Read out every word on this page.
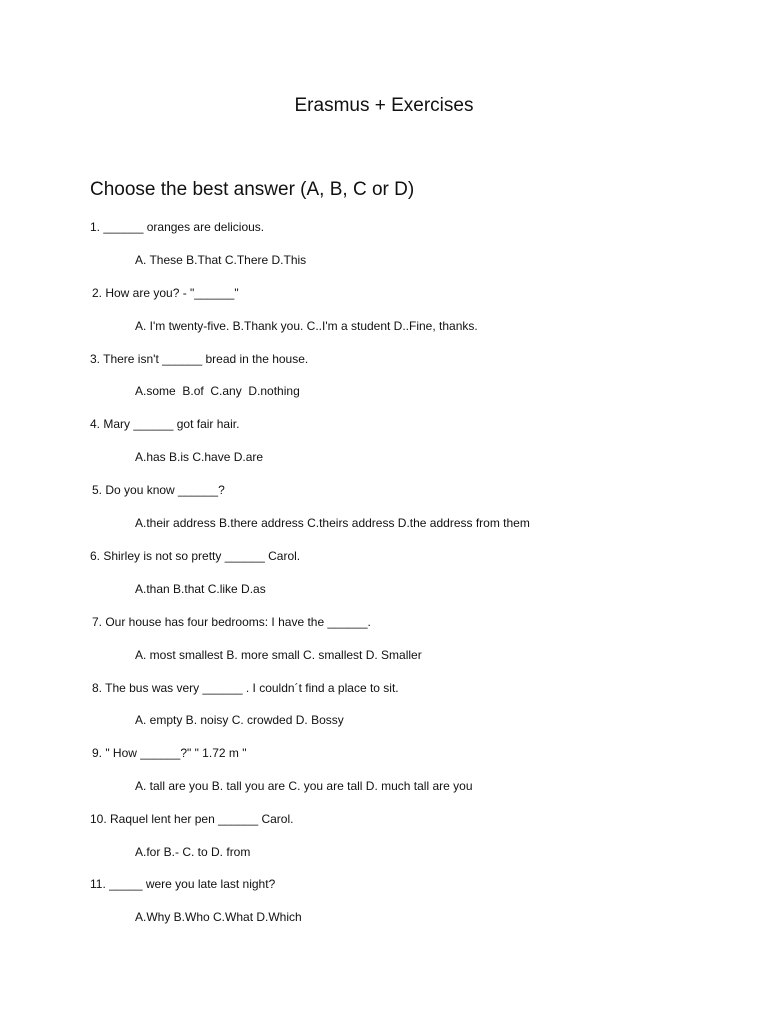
Erasmus + Exercises
Choose the best answer (A, B, C or D)
1. ______ oranges are delicious.
A. These B.That C.There D.This
2. How are you? - "______"
A. I'm twenty-five. B.Thank you. C..I'm a student D..Fine, thanks.
3. There isn't ______ bread in the house.
A.some  B.of  C.any  D.nothing
4. Mary ______ got fair hair.
A.has B.is C.have D.are
5. Do you know ______?
A.their address B.there address C.theirs address D.the address from them
6. Shirley is not so pretty ______ Carol.
A.than B.that C.like D.as
7. Our house has four bedrooms: I have the ______.
A. most smallest B. more small C. smallest D. Smaller
8. The bus was very ______ . I couldn´t find a place to sit.
A. empty B. noisy C. crowded D. Bossy
9. " How ______?" " 1.72 m "
A. tall are you B. tall you are C. you are tall D. much tall are you
10. Raquel lent her pen ______ Carol.
A.for B.- C. to D. from
11. _____ were you late last night?
A.Why B.Who C.What D.Which
